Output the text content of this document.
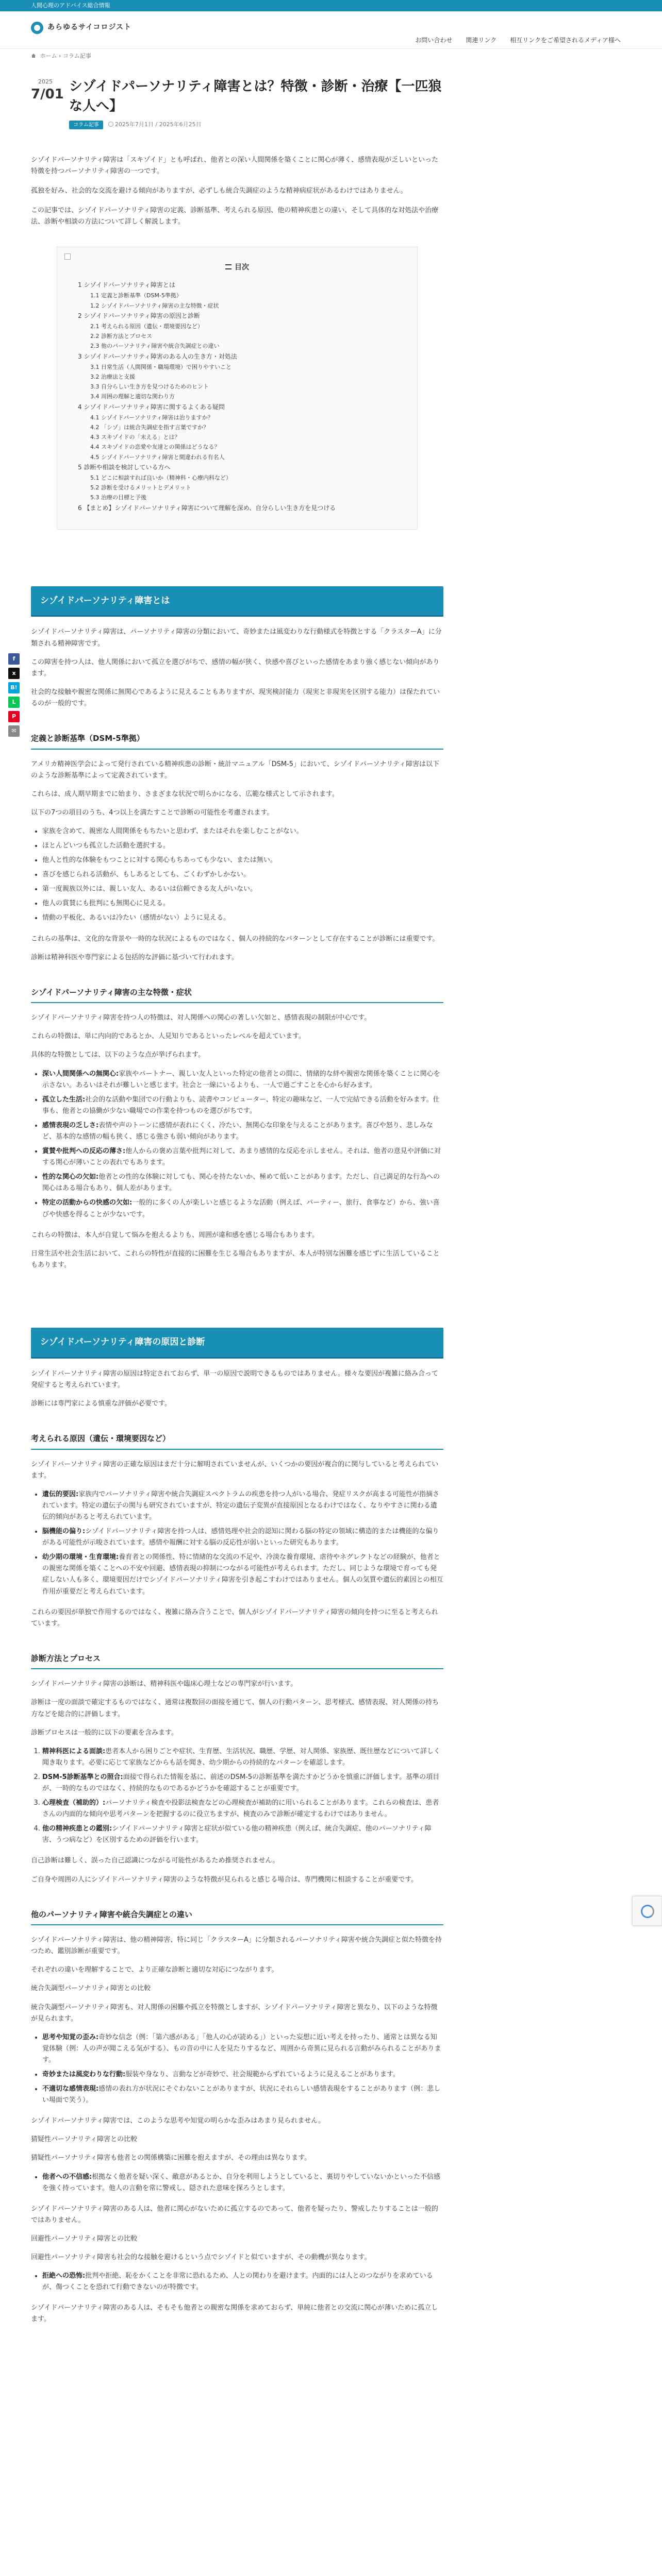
人間心理のアドバイス総合情報
あらゆるサイコロジスト
お問い合わせ 関連リンク 相互リンクをご希望されるメディア様へ
ホーム › コラム記事
f
x
B!
L
P
✉
2025
7/01 シゾイドパーソナリティ障害とは？特徴・診断・治療【一匹狼な人へ】
コラム記事	2025年7月1日 / 2025年6月25日

シゾイドパーソナリティ障害は「スキゾイド」とも呼ばれ、他者との深い人間関係を築くことに関心が薄く、感情表現が乏しいといった特徴を持つパーソナリティ障害の一つです。

孤独を好み、社会的な交流を避ける傾向がありますが、必ずしも統合失調症のような精神病症状があるわけではありません。

この記事では、シゾイドパーソナリティ障害の定義、診断基準、考えられる原因、他の精神疾患との違い、そして具体的な対処法や治療法、診断や相談の方法について詳しく解説します。

目次
1 シゾイドパーソナリティ障害とは
1.1 定義と診断基準（DSM-5準拠）
1.2 シゾイドパーソナリティ障害の主な特徴・症状
2 シゾイドパーソナリティ障害の原因と診断
2.1 考えられる原因（遺伝・環境要因など）
2.2 診断方法とプロセス
2.3 他のパーソナリティ障害や統合失調症との違い
3 シゾイドパーソナリティ障害のある人の生き方・対処法
3.1 日常生活（人間関係・職場環境）で困りやすいこと
3.2 治療法と支援
3.3 自分らしい生き方を見つけるためのヒント
3.4 周囲の理解と適切な関わり方
4 シゾイドパーソナリティ障害に関するよくある疑問
4.1 シゾイドパーソナリティ障害は治りますか？
4.2 「シゾ」は統合失調症を指す言葉ですか？
4.3 スキゾイドの「末える」とは？
4.4 スキゾイドの恋愛や友達との関係はどうなる？
4.5 シゾイドパーソナリティ障害と間違われる有名人
5 診断や相談を検討している方へ
5.1 どこに相談すれば良いか（精神科・心療内科など）
5.2 診断を受けるメリットとデメリット
5.3 治療の目標と予後
6 【まとめ】シゾイドパーソナリティ障害について理解を深め、自分らしい生き方を見つける
シゾイドパーソナリティ障害とは

シゾイドパーソナリティ障害は、パーソナリティ障害の分類において、奇妙または風変わりな行動様式を特徴とする「クラスターA」に分類される精神障害です。

この障害を持つ人は、他人関係において孤立を選びがちで、感情の幅が狭く、快感や喜びといった感情をあまり強く感じない傾向があります。

社会的な接触や親密な関係に無関心であるように見えることもありますが、現実検討能力（現実と非現実を区別する能力）は保たれているのが一般的です。

定義と診断基準（DSM-5準拠）

アメリカ精神医学会によって発行されている精神疾患の診断・統計マニュアル「DSM-5」において、シゾイドパーソナリティ障害は以下のような診断基準によって定義されています。

これらは、成人期早期までに始まり、さまざまな状況で明らかになる、広範な様式として示されます。

以下の7つの項目のうち、4つ以上を満たすことで診断の可能性を考慮されます。

• 家族を含めて、親密な人間関係をもちたいと思わず、またはそれを楽しむことがない。
• ほとんどいつも孤立した活動を選択する。
• 他人と性的な体験をもつことに対する関心もちあっても少ない、または無い。
• 喜びを感じられる活動が、もしあるとしても、ごくわずかしかない。
• 第一度親族以外には、親しい友人、あるいは信頼できる友人がいない。
• 他人の賞賛にも批判にも無関心に見える。
• 情動の平板化、あるいは冷たい（感情がない）ように見える。

これらの基準は、文化的な背景や一時的な状況によるものではなく、個人の持続的なパターンとして存在することが診断には重要です。

診断は精神科医や専門家による包括的な評価に基づいて行われます。

シゾイドパーソナリティ障害の主な特徴・症状

シゾイドパーソナリティ障害を持つ人の特徴は、対人関係への関心の著しい欠如と、感情表現の制限が中心です。

これらの特徴は、単に内向的であるとか、人見知りであるといったレベルを超えています。

具体的な特徴としては、以下のような点が挙げられます。

• 深い人間関係への無関心:家族やパートナー、親しい友人といった特定の他者との間に、情緒的な絆や親密な関係を築くことに関心を示さない。あるいはそれが難しいと感じます。社会と一線にいるよりも、一人で過ごすことを心から好みます。
• 孤立した生活:社会的な活動や集団での行動よりも、読書やコンピューター、特定の趣味など、一人で完結できる活動を好みます。仕事も、他者との協働が少ない職場での作業を持つものを選びがちです。
• 感情表現の乏しさ:表情や声のトーンに感情が表れにくく、冷たい、無関心な印象を与えることがあります。喜びや怒り、悲しみなど、基本的な感情の幅も狭く、感じる強さも弱い傾向があります。
• 賞賛や批判への反応の薄さ:他人からの褒め言葉や批判に対して、あまり感情的な反応を示しません。それは、他者の意見や評価に対する関心が薄いことの表れでもあります。
• 性的な関心の欠如:他者との性的な体験に対しても、関心を持たないか、極めて低いことがあります。ただし、自己満足的な行為への関心はある場合もあり、個人差があります。
• 特定の活動からの快感の欠如:一般的に多くの人が楽しいと感じるような活動（例えば、パーティー、旅行、食事など）から、強い喜びや快感を得ることが少ないです。

これらの特徴は、本人が自覚して悩みを抱えるよりも、周囲が違和感を感じる場合もあります。

日常生活や社会生活において、これらの特性が直接的に困難を生じる場合もありますが、本人が特別な困難を感じずに生活していることもあります。

シゾイドパーソナリティ障害の原因と診断

シゾイドパーソナリティ障害の原因は特定されておらず、単一の原因で説明できるものではありません。様々な要因が複雑に絡み合って発症すると考えられています。

診断には専門家による慎重な評価が必要です。

考えられる原因（遺伝・環境要因など）

シゾイドパーソナリティ障害の正確な原因はまだ十分に解明されていませんが、いくつかの要因が複合的に関与していると考えられています。

• 遺伝的要因:家族内でパーソナリティ障害や統合失調症スペクトラムの疾患を持つ人がいる場合、発症リスクが高まる可能性が指摘されています。特定の遺伝子の関与も研究されていますが、特定の遺伝子変異が直接原因となるわけではなく、なりやすさに関わる遺伝的傾向があると考えられています。
• 脳機能の偏り:シゾイドパーソナリティ障害を持つ人は、感情処理や社会的認知に関わる脳の特定の領域に構造的または機能的な偏りがある可能性が示唆されています。感情や報酬に対する脳の反応性が弱いといった研究もあります。
• 幼少期の環境・生育環境:養育者との関係性、特に情緒的な交流の不足や、冷淡な養育環境、虐待やネグレクトなどの経験が、他者との親密な関係を築くことへの不安や回避、感情表現の抑制につながる可能性が考えられます。ただし、同じような環境で育っても発症しない人も多く、環境要因だけでシゾイドパーソナリティ障害を引き起こすわけではありません。個人の気質や遺伝的素因との相互作用が重要だと考えられています。

これらの要因が単独で作用するのではなく、複雑に絡み合うことで、個人がシゾイドパーソナリティ障害の傾向を持つに至ると考えられています。

診断方法とプロセス

シゾイドパーソナリティ障害の診断は、精神科医や臨床心理士などの専門家が行います。

診断は一度の面談で確定するものではなく、通常は複数回の面接を通じて、個人の行動パターン、思考様式、感情表現、対人関係の持ち方などを総合的に評価します。

診断プロセスは一般的に以下の要素を含みます。

1. 精神科医による面談:患者本人から困りごとや症状、生育歴、生活状況、職歴、学歴、対人関係、家族歴、既往歴などについて詳しく聞き取ります。必要に応じて家族などからも話を聞き、幼少期からの持続的なパターンを確認します。
2. DSM-5診断基準との照合:面接で得られた情報を基に、前述のDSM-5の診断基準を満たすかどうかを慎重に評価します。基準の項目が、一時的なものではなく、持続的なものであるかどうかを確認することが重要です。
3. 心理検査（補助的）:パーソナリティ検査や投影法検査などの心理検査が補助的に用いられることがあります。これらの検査は、患者さんの内面的な傾向や思考パターンを把握するのに役立ちますが、検査のみで診断が確定するわけではありません。
4. 他の精神疾患との鑑別:シゾイドパーソナリティ障害と症状が似ている他の精神疾患（例えば、統合失調症、他のパーソナリティ障害、うつ病など）を区別するための評価を行います。

自己診断は難しく、誤った自己認識につながる可能性があるため推奨されません。

ご自身や周囲の人にシゾイドパーソナリティ障害のような特徴が見られると感じる場合は、専門機関に相談することが重要です。

他のパーソナリティ障害や統合失調症との違い

シゾイドパーソナリティ障害は、他の精神障害、特に同じ「クラスターA」に分類されるパーソナリティ障害や統合失調症と似た特徴を持つため、鑑別診断が重要です。

それぞれの違いを理解することで、より正確な診断と適切な対応につながります。

統合失調型パーソナリティ障害との比較

統合失調型パーソナリティ障害も、対人関係の困難や孤立を特徴としますが、シゾイドパーソナリティ障害と異なり、以下のような特徴が見られます。

• 思考や知覚の歪み:奇妙な信念（例：「第六感がある」「他人の心が読める」）といった妄想に近い考えを持ったり、通常とは異なる知覚体験（例：人の声が聞こえる気がする）、もの音の中に人を見たりするなど、周囲から奇異に見られる言動がみられることがあります。
• 奇妙または風変わりな行動:服装や身なり、言動などが奇妙で、社会規範からずれているように見えることがあります。
• 不適切な感情表現:感情の表れ方が状況にそぐわないことがありますが、状況にそれらしい感情表現をすることがあります（例：悲しい場面で笑う）。

シゾイドパーソナリティ障害では、このような思考や知覚の明らかな歪みはあまり見られません。

猜疑性パーソナリティ障害との比較

猜疑性パーソナリティ障害も他者との関係構築に困難を抱えますが、その理由は異なります。

• 他者への不信感:根拠なく他者を疑い深く、敵意があるとか、自分を利用しようとしていると、裏切りやしていないかといった不信感を強く持っています。他人の言動を常に警戒し、隠された意味を探ろうとします。

シゾイドパーソナリティ障害のある人は、他者に関心がないために孤立するのであって、他者を疑ったり、警戒したりすることは一般的ではありません。

回避性パーソナリティ障害との比較

回避性パーソナリティ障害も社会的な接触を避けるという点でシゾイドと似ていますが、その動機が異なります。

• 拒絶への恐怖:批判や拒絶、恥をかくことを非常に恐れるため、人との関わりを避けます。内面的には人とのつながりを求めているが、傷つくことを恐れて行動できないのが特徴です。

シゾイドパーソナリティ障害のある人は、そもそも他者との親密な関係を求めておらず、単純に他者との交流に関心が薄いために孤立します。
